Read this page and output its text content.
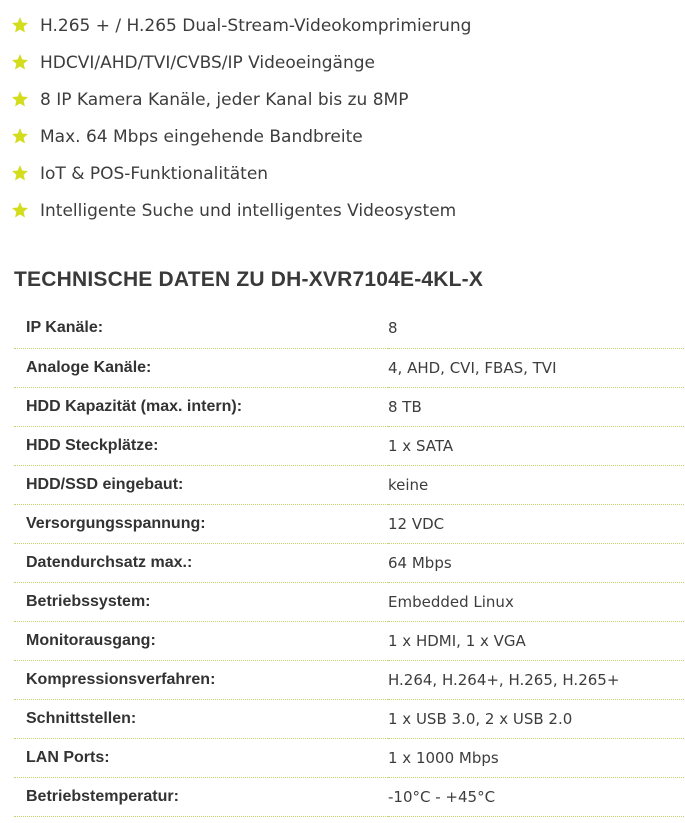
H.265 + / H.265 Dual-Stream-Videokomprimierung
HDCVI/AHD/TVI/CVBS/IP Videoeingänge
8 IP Kamera Kanäle, jeder Kanal bis zu 8MP
Max. 64 Mbps eingehende Bandbreite
IoT & POS-Funktionalitäten
Intelligente Suche und intelligentes Videosystem
TECHNISCHE DATEN ZU DH-XVR7104E-4KL-X
IP Kanäle:	8
Analoge Kanäle:	4, AHD, CVI, FBAS, TVI
HDD Kapazität (max. intern):	8 TB
HDD Steckplätze:	1 x SATA
HDD/SSD eingebaut:	keine
Versorgungsspannung:	12 VDC
Datendurchsatz max.:	64 Mbps
Betriebssystem:	Embedded Linux
Monitorausgang:	1 x HDMI, 1 x VGA
Kompressionsverfahren:	H.264, H.264+, H.265, H.265+
Schnittstellen:	1 x USB 3.0, 2 x USB 2.0
LAN Ports:	1 x 1000 Mbps
Betriebstemperatur:	-10°C - +45°C
